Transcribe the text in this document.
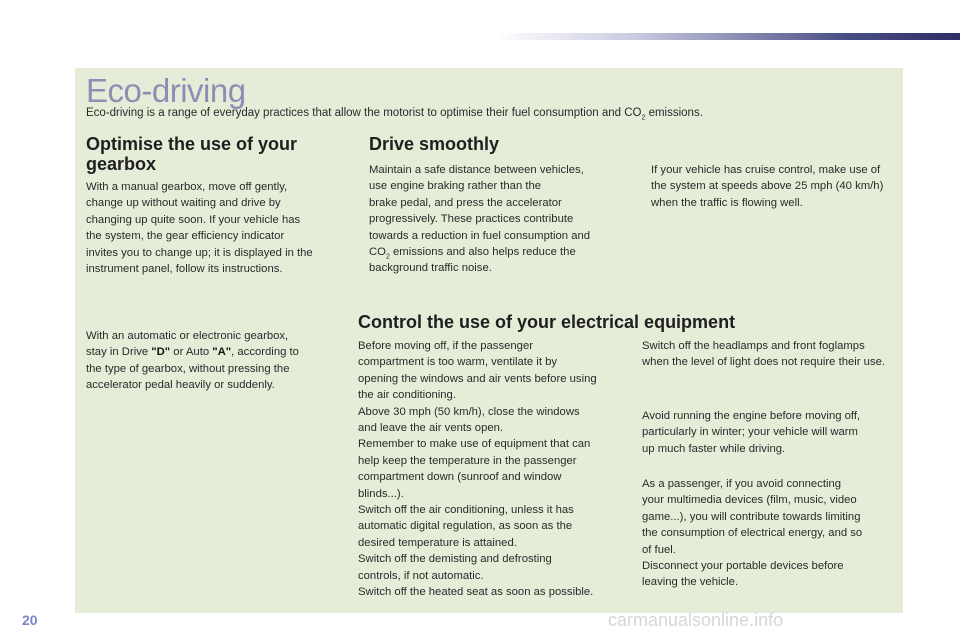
Eco-driving
Eco-driving is a range of everyday practices that allow the motorist to optimise their fuel consumption and $CO_2$ emissions.
Optimise the use of your
gearbox

With a manual gearbox, move off gently,
change up without waiting and drive by
changing up quite soon. If your vehicle has
the system, the gear efficiency indicator
invites you to change up; it is displayed in the
instrument panel, follow its instructions.

With an automatic or electronic gearbox,
stay in Drive "D" or Auto "A", according to
the type of gearbox, without pressing the
accelerator pedal heavily or suddenly.

Drive smoothly

Maintain a safe distance between vehicles,
use engine braking rather than the
brake pedal, and press the accelerator
progressively. These practices contribute
towards a reduction in fuel consumption and
$CO_2$ emissions and also helps reduce the
background traffic noise.

If your vehicle has cruise control, make use of
the system at speeds above 25 mph (40 km/h)
when the traffic is flowing well.

Control the use of your electrical equipment

Before moving off, if the passenger
compartment is too warm, ventilate it by
opening the windows and air vents before using
the air conditioning.
Above 30 mph (50 km/h), close the windows
and leave the air vents open.
Remember to make use of equipment that can
help keep the temperature in the passenger
compartment down (sunroof and window
blinds...).
Switch off the air conditioning, unless it has
automatic digital regulation, as soon as the
desired temperature is attained.
Switch off the demisting and defrosting
controls, if not automatic.
Switch off the heated seat as soon as possible.

Switch off the headlamps and front foglamps
when the level of light does not require their use.

Avoid running the engine before moving off,
particularly in winter; your vehicle will warm
up much faster while driving.

As a passenger, if you avoid connecting
your multimedia devices (film, music, video
game...), you will contribute towards limiting
the consumption of electrical energy, and so
of fuel.
Disconnect your portable devices before
leaving the vehicle.

20	carmanualsonline.info
